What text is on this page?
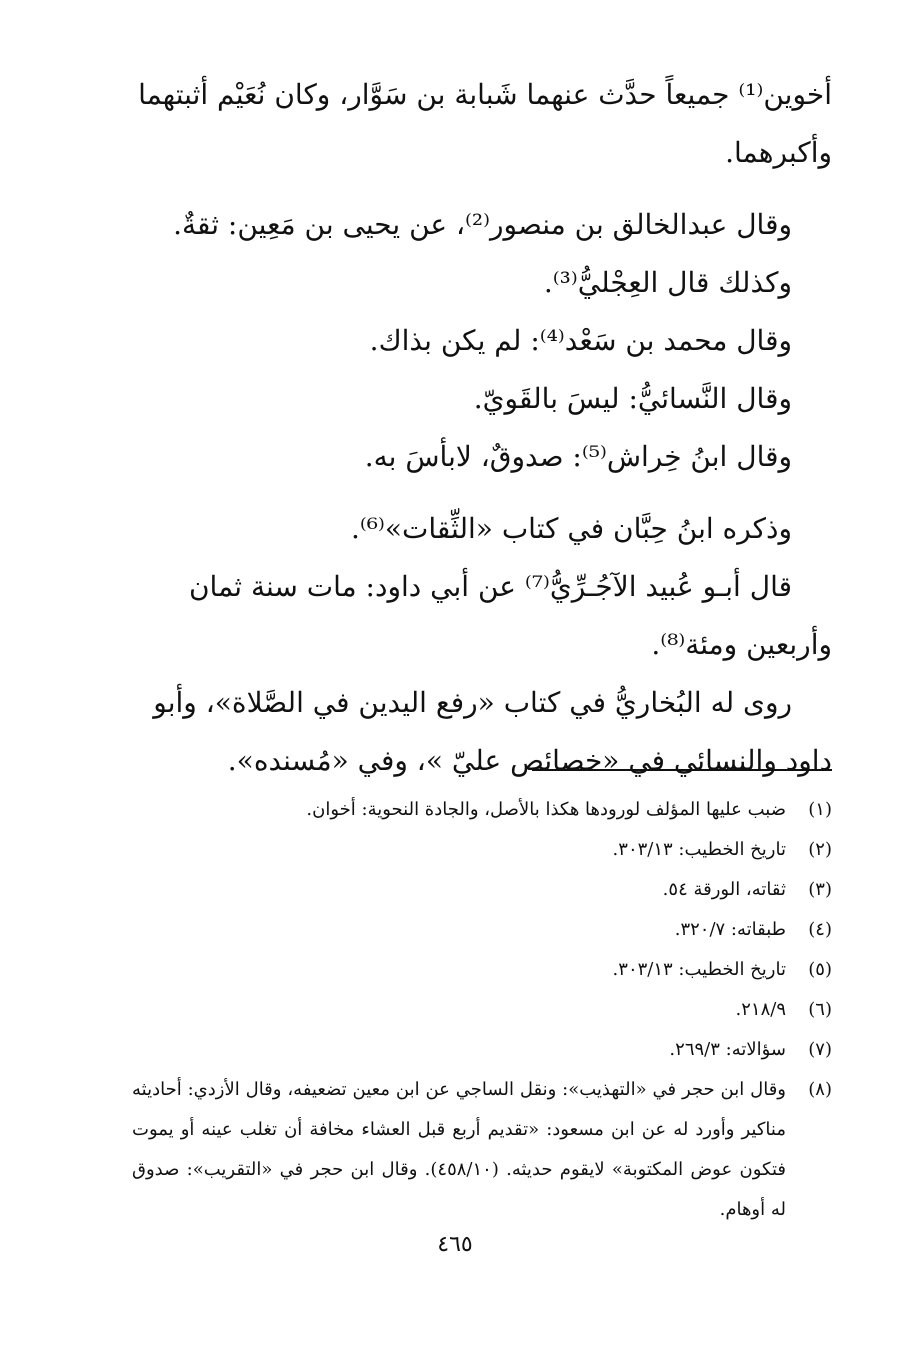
أخوين⁽¹⁾ جميعاً حدَّث عنهما شَبابة بن سَوَّار، وكان نُعَيْم أثبتهما
وأكبرهما.

وقال عبدالخالق بن منصور⁽²⁾، عن يحيى بن مَعِين: ثقةٌ.
وكذلك قال العِجْليُّ⁽³⁾.
وقال محمد بن سَعْد⁽⁴⁾: لم يكن بذاك.
وقال النَّسائيُّ: ليسَ بالقَويّ.
وقال ابنُ خِراش⁽⁵⁾: صدوقٌ، لابأسَ به.

وذكره ابنُ حِبَّان في كتاب «الثِّقات»⁽⁶⁾.

قال أبـو عُبيد الآجُـرِّيُّ⁽⁷⁾ عن أبي داود: مات سنة ثمان
وأربعين ومئة⁽⁸⁾.

روى له البُخاريُّ في كتاب «رفع اليدين في الصَّلاة»، وأبو
داود والنسائي في «خصائص عليّ »، وفي «مُسنده».

(١)
ضبب عليها المؤلف لورودها هكذا بالأصل، والجادة النحوية: أخوان.
(٢)
تاريخ الخطيب: ٣٠٣/١٣.
(٣)
ثقاته، الورقة ٥٤.
(٤)
طبقاته: ٣٢٠/٧.
(٥)
تاريخ الخطيب: ٣٠٣/١٣.
(٦)
٢١٨/٩.
(٧)
سؤالاته: ٢٦٩/٣.
(٨)
وقال ابن حجر في «التهذيب»: ونقل الساجي عن ابن معين تضعيفه، وقال الأزدي: أحاديثه مناكير وأورد له عن ابن مسعود: «تقديم أربع قبل العشاء مخافة أن تغلب عينه أو يموت فتكون عوض المكتوبة» لايقوم حديثه. (٤٥٨/١٠). وقال ابن حجر في «التقريب»: صدوق له أوهام.
٤٦٥
